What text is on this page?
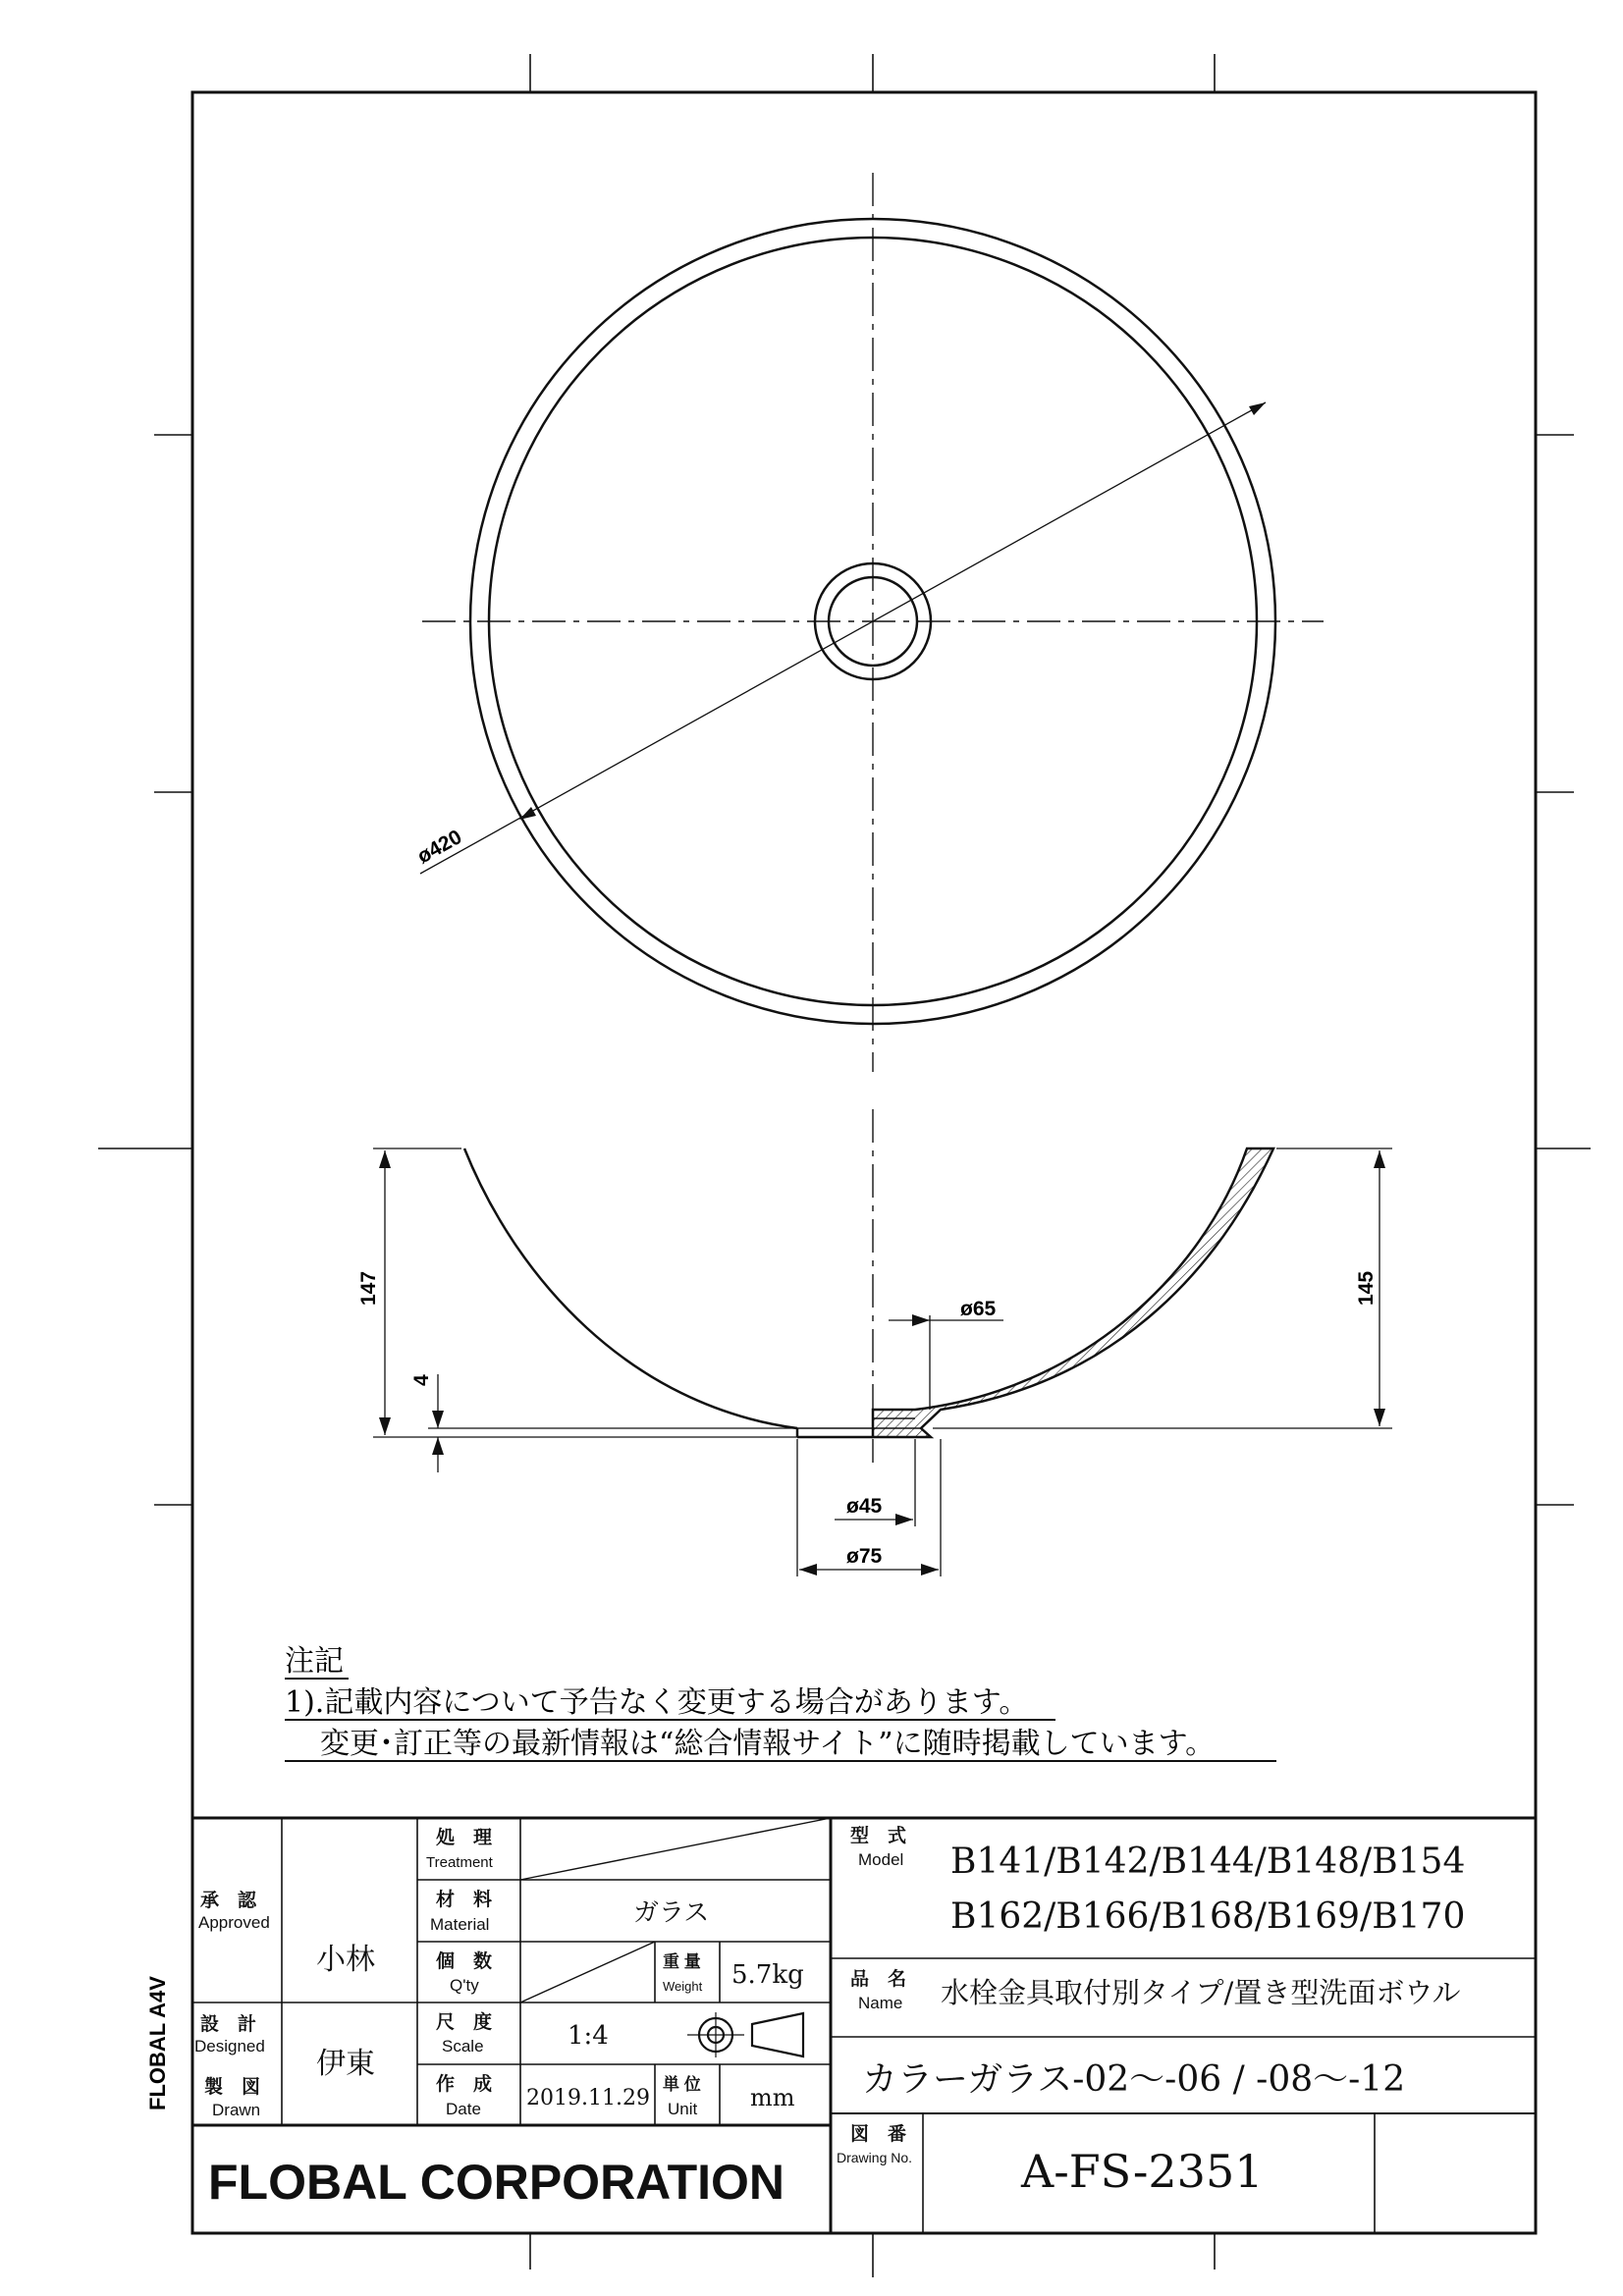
ø420
147
4
145
ø65
ø45
ø75
注記
1).記載内容について予告なく変更する場合があります。
変更･訂正等の最新情報は“総合情報サイト”に随時掲載しています。
FLOBAL A4V
承　認
Approved
小林
設　計
Designed
製　図
Drawn
伊東
処　理
Treatment
材　料
Material	ガラス
個　数
Q'ty
重 量
Weight 5.7kg
尺　度
Scale	1:4
作　成
Date 2019.11.29
単 位
Unit mm
型　式
Model B141/B142/B144/B148/B154
B162/B166/B168/B169/B170
品　名
Name 水栓金具取付別タイプ/置き型洗面ボウル
カラーガラス-02～-06 / -08～-12
図　番
Drawing No. A-FS-2351
FLOBAL CORPORATION
